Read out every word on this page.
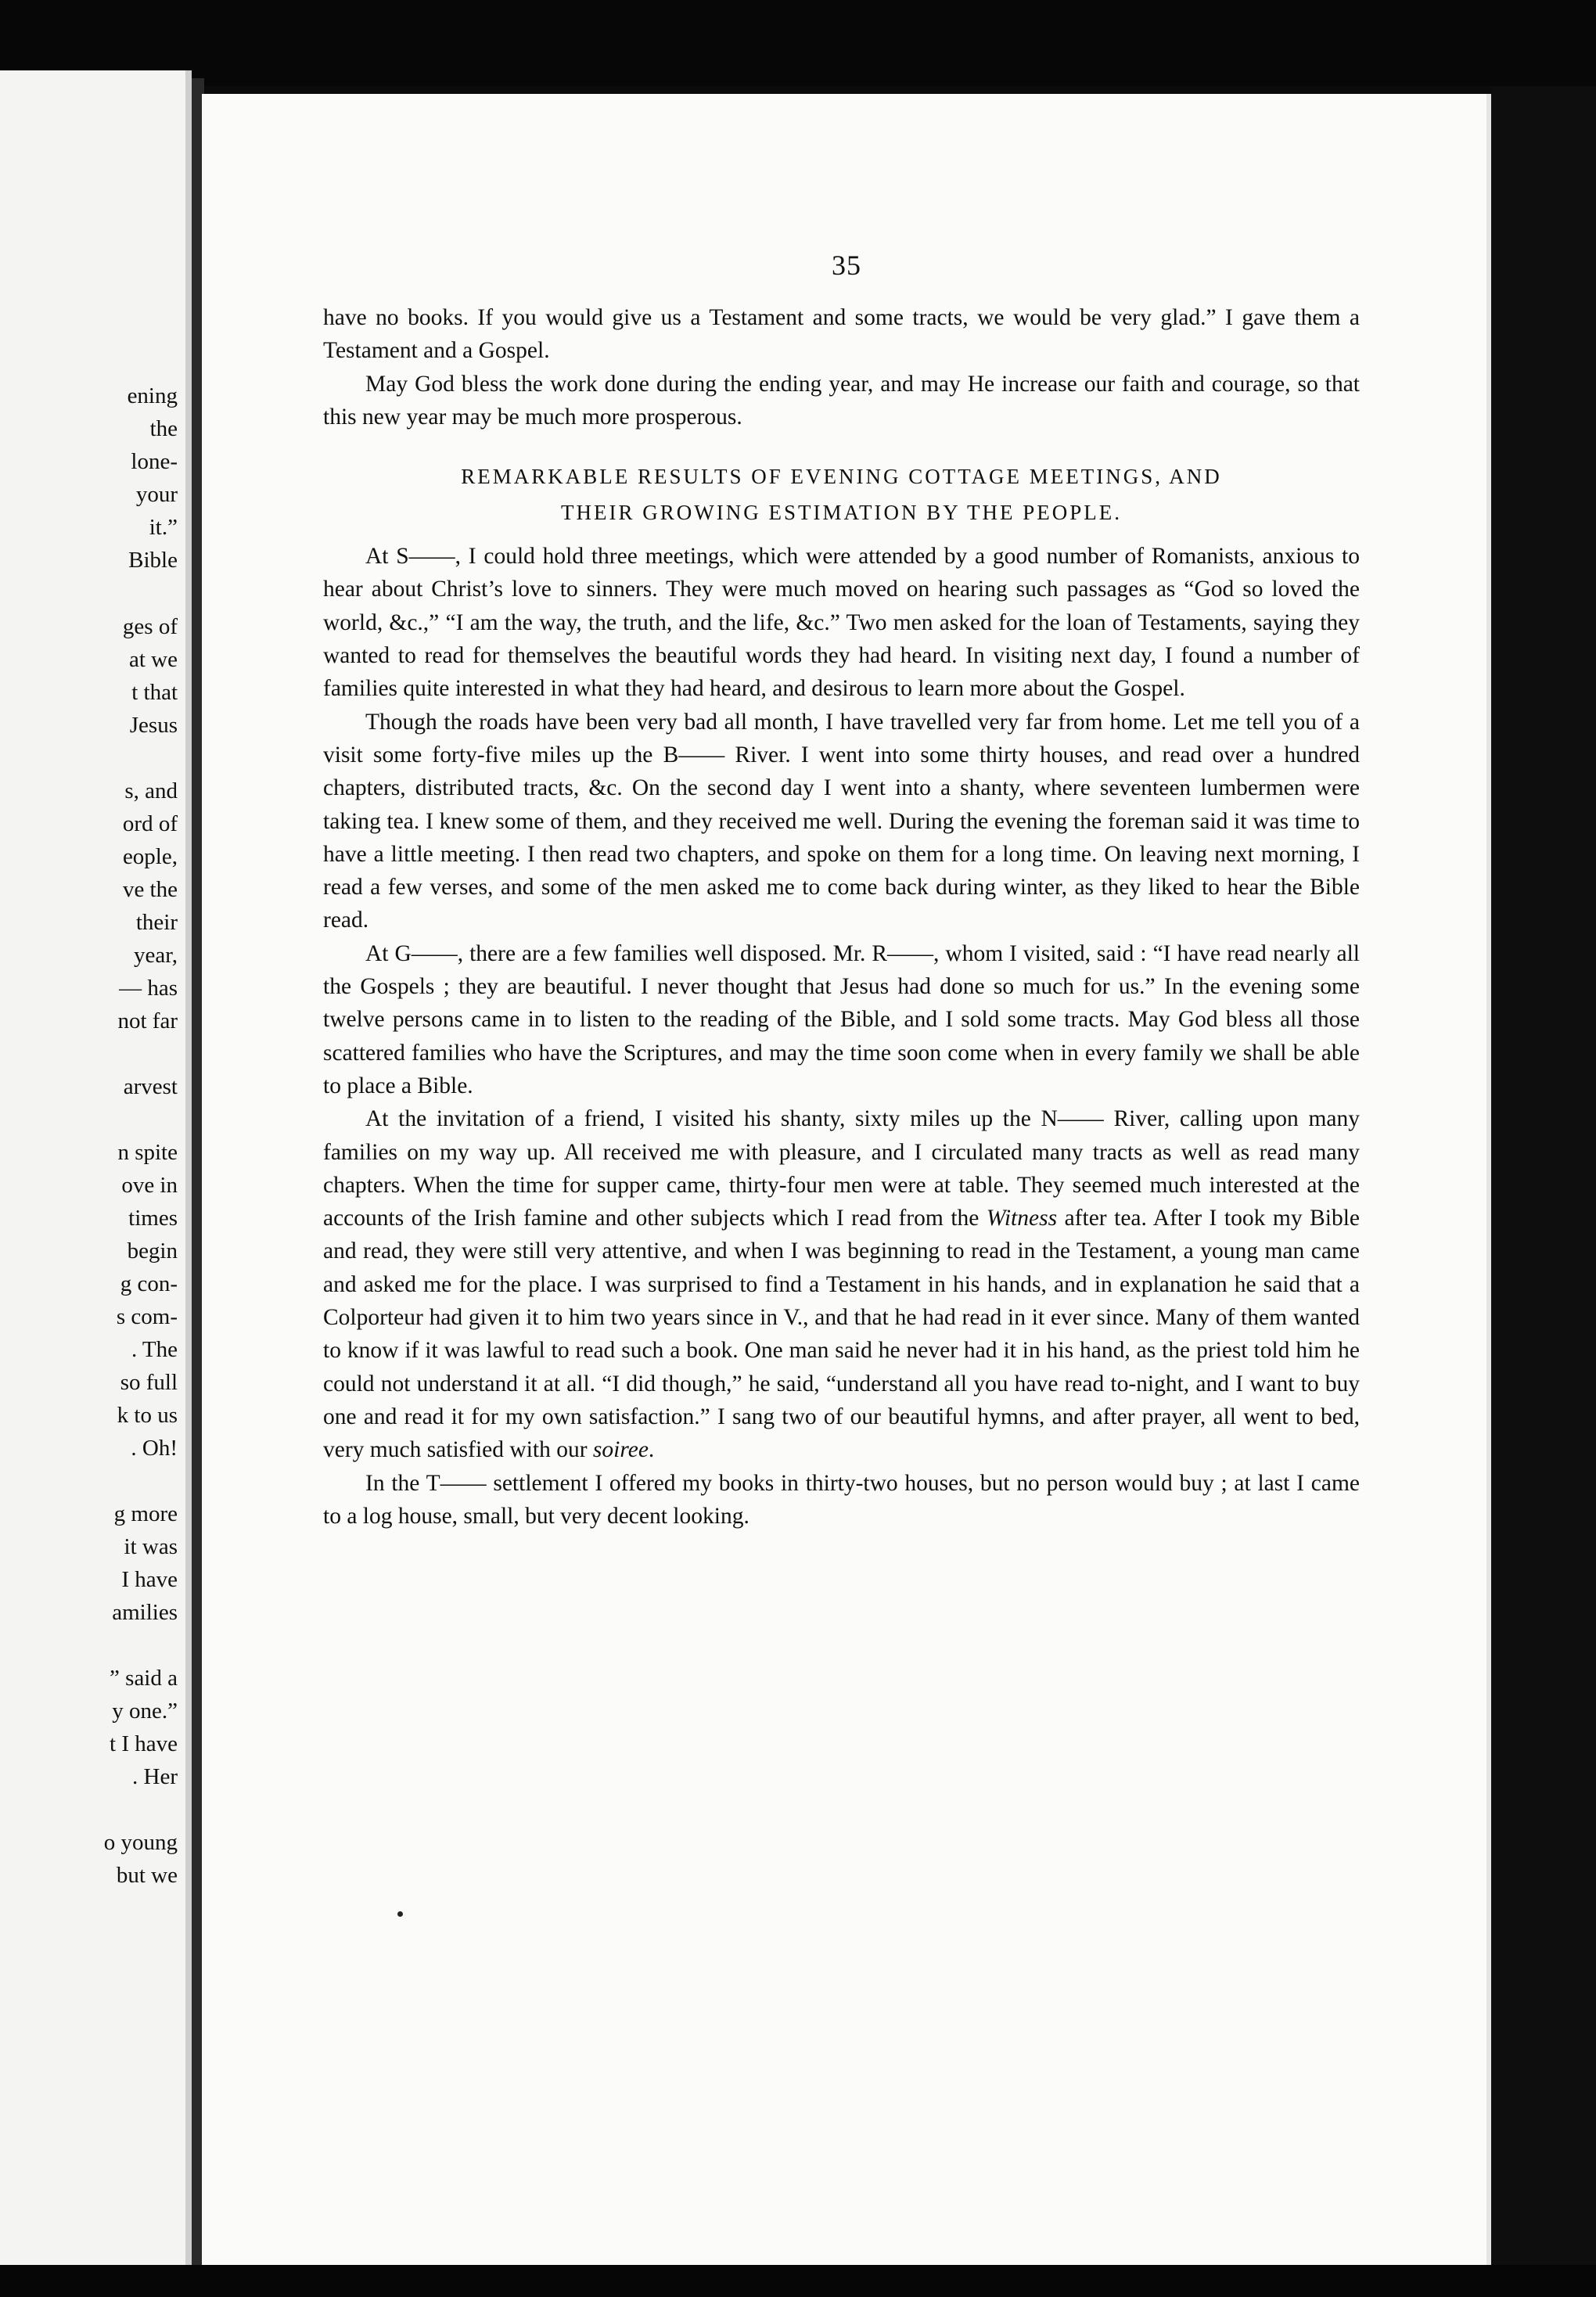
ening
the
lone-
your
it.”
Bible
ges of
at we
t that
Jesus
s, and
ord of
eople,
ve the
their
year,
— has
not far
arvest
n spite
ove in
times
begin
g con-
s com-
. The
so full
k to us
. Oh!
g more
it was
I have
amilies
” said a
y one.”
t I have
. Her
o young
but we
35

have no books. If you would give us a Testament and some tracts, we would be very glad.” I gave them a Testament and a Gospel.

May God bless the work done during the ending year, and may He increase our faith and courage, so that this new year may be much more prosperous.

REMARKABLE RESULTS OF EVENING COTTAGE MEETINGS, AND
THEIR GROWING ESTIMATION BY THE PEOPLE.

At S——, I could hold three meetings, which were attended by a good number of Romanists, anxious to hear about Christ’s love to sinners. They were much moved on hearing such passages as “God so loved the world, &c.,” “I am the way, the truth, and the life, &c.” Two men asked for the loan of Testaments, saying they wanted to read for themselves the beautiful words they had heard. In visiting next day, I found a number of families quite interested in what they had heard, and desirous to learn more about the Gospel.

Though the roads have been very bad all month, I have travelled very far from home. Let me tell you of a visit some forty-five miles up the B—— River. I went into some thirty houses, and read over a hundred chapters, distributed tracts, &c. On the second day I went into a shanty, where seventeen lumbermen were taking tea. I knew some of them, and they received me well. During the evening the foreman said it was time to have a little meeting. I then read two chapters, and spoke on them for a long time. On leaving next morning, I read a few verses, and some of the men asked me to come back during winter, as they liked to hear the Bible read.

At G——, there are a few families well disposed. Mr. R——, whom I visited, said : “I have read nearly all the Gospels ; they are beautiful. I never thought that Jesus had done so much for us.” In the evening some twelve persons came in to listen to the reading of the Bible, and I sold some tracts. May God bless all those scattered families who have the Scriptures, and may the time soon come when in every family we shall be able to place a Bible.

At the invitation of a friend, I visited his shanty, sixty miles up the N—— River, calling upon many families on my way up. All received me with pleasure, and I circulated many tracts as well as read many chapters. When the time for supper came, thirty-four men were at table. They seemed much interested at the accounts of the Irish famine and other subjects which I read from the Witness after tea. After I took my Bible and read, they were still very attentive, and when I was beginning to read in the Testament, a young man came and asked me for the place. I was surprised to find a Testament in his hands, and in explanation he said that a Colporteur had given it to him two years since in V., and that he had read in it ever since. Many of them wanted to know if it was lawful to read such a book. One man said he never had it in his hand, as the priest told him he could not understand it at all. “I did though,” he said, “understand all you have read to-night, and I want to buy one and read it for my own satisfaction.” I sang two of our beautiful hymns, and after prayer, all went to bed, very much satisfied with our soiree.

In the T—— settlement I offered my books in thirty-two houses, but no person would buy ; at last I came to a log house, small, but very decent looking.
